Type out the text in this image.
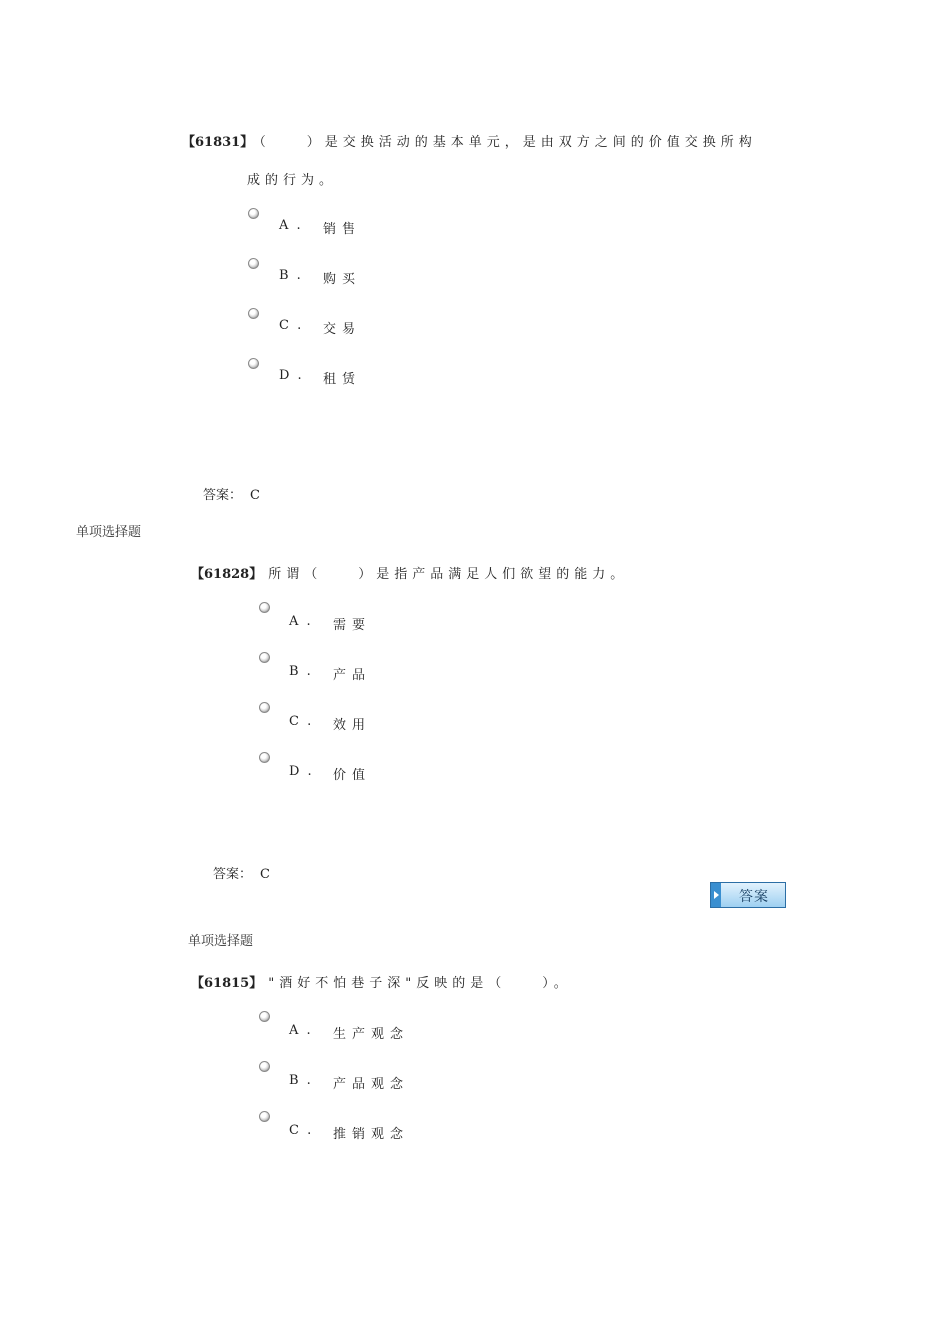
【61831】 （　　）是交换活动的基本单元，是由双方之间的价值交换所构
成的行为。
A . 销售
B . 购买
C . 交易
D . 租赁
答案： C
单项选择题
【61828】 所谓（　　）是指产品满足人们欲望的能力。
A . 需要
B . 产品
C . 效用
D . 价值
答案： C
答案
单项选择题
【61815】 "酒好不怕巷子深"反映的是（　　）。
A . 生产观念
B . 产品观念
C . 推销观念
